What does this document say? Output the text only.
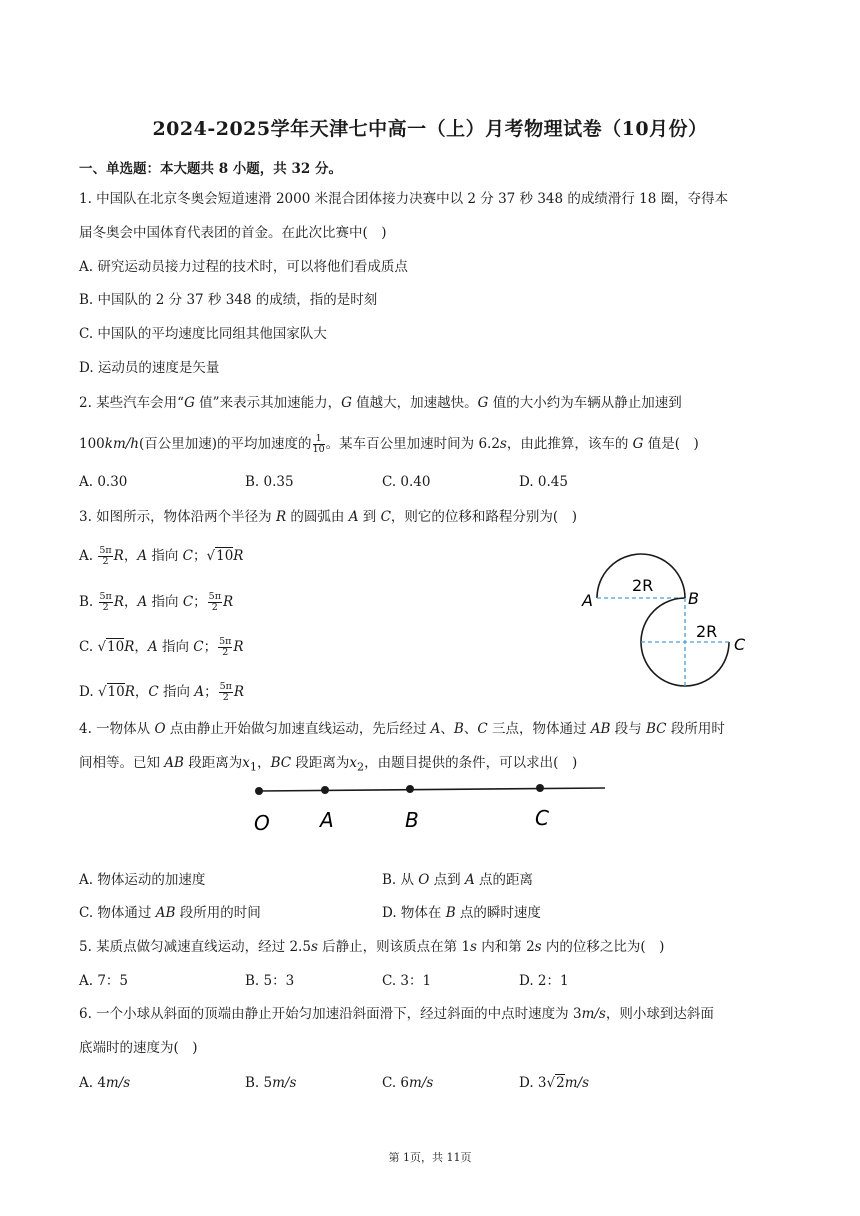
2024-2025学年天津七中高一（上）月考物理试卷（10月份）
一、单选题：本大题共 8 小题，共 32 分。
1. 中国队在北京冬奥会短道速滑 2000 米混合团体接力决赛中以 2 分 37 秒 348 的成绩滑行 18 圈，夺得本
届冬奥会中国体育代表团的首金。在此次比赛中(　)
A. 研究运动员接力过程的技术时，可以将他们看成质点
B. 中国队的 2 分 37 秒 348 的成绩，指的是时刻
C. 中国队的平均速度比同组其他国家队大
D. 运动员的速度是矢量
2. 某些汽车会用“G 值”来表示其加速能力，G 值越大，加速越快。G 值的大小约为车辆从静止加速到
100km/h(百公里加速)的平均加速度的 $\frac{1}{10}$ 。某车百公里加速时间为 6.2s，由此推算，该车的 G 值是(　)
A. 0.30	B. 0.35	C. 0.40	D. 0.45
3. 如图所示，物体沿两个半径为 R 的圆弧由 A 到 C，则它的位移和路程分别为(　)
A. $\frac{5\pi}{2}$ R，A 指向 C；√10R
B. $\frac{5\pi}{2}$ R，A 指向 C； $\frac{5\pi}{2}$ R
C. √10R，A 指向 C； $\frac{5\pi}{2}$ R
D. √10R，C 指向 A； $\frac{5\pi}{2}$ R
2R
2R
A	B
C
4. 一物体从 O 点由静止开始做匀加速直线运动，先后经过 A、B、C 三点，物体通过 AB 段与 BC 段所用时
间相等。已知 AB 段距离为$x_1$，BC 段距离为$x_2$，由题目提供的条件，可以求出(　)
O	A	B	C
A. 物体运动的加速度	B. 从 O 点到 A 点的距离
C. 物体通过 AB 段所用的时间	D. 物体在 B 点的瞬时速度
5. 某质点做匀减速直线运动，经过 2.5s 后静止，则该质点在第 1s 内和第 2s 内的位移之比为(　)
A. 7：5	B. 5：3	C. 3：1	D. 2：1
6. 一个小球从斜面的顶端由静止开始匀加速沿斜面滑下，经过斜面的中点时速度为 3m/s，则小球到达斜面
底端时的速度为(　)
A. 4m/s	B. 5m/s	C. 6m/s	D. 3√2m/s
第 1页，共 11页
